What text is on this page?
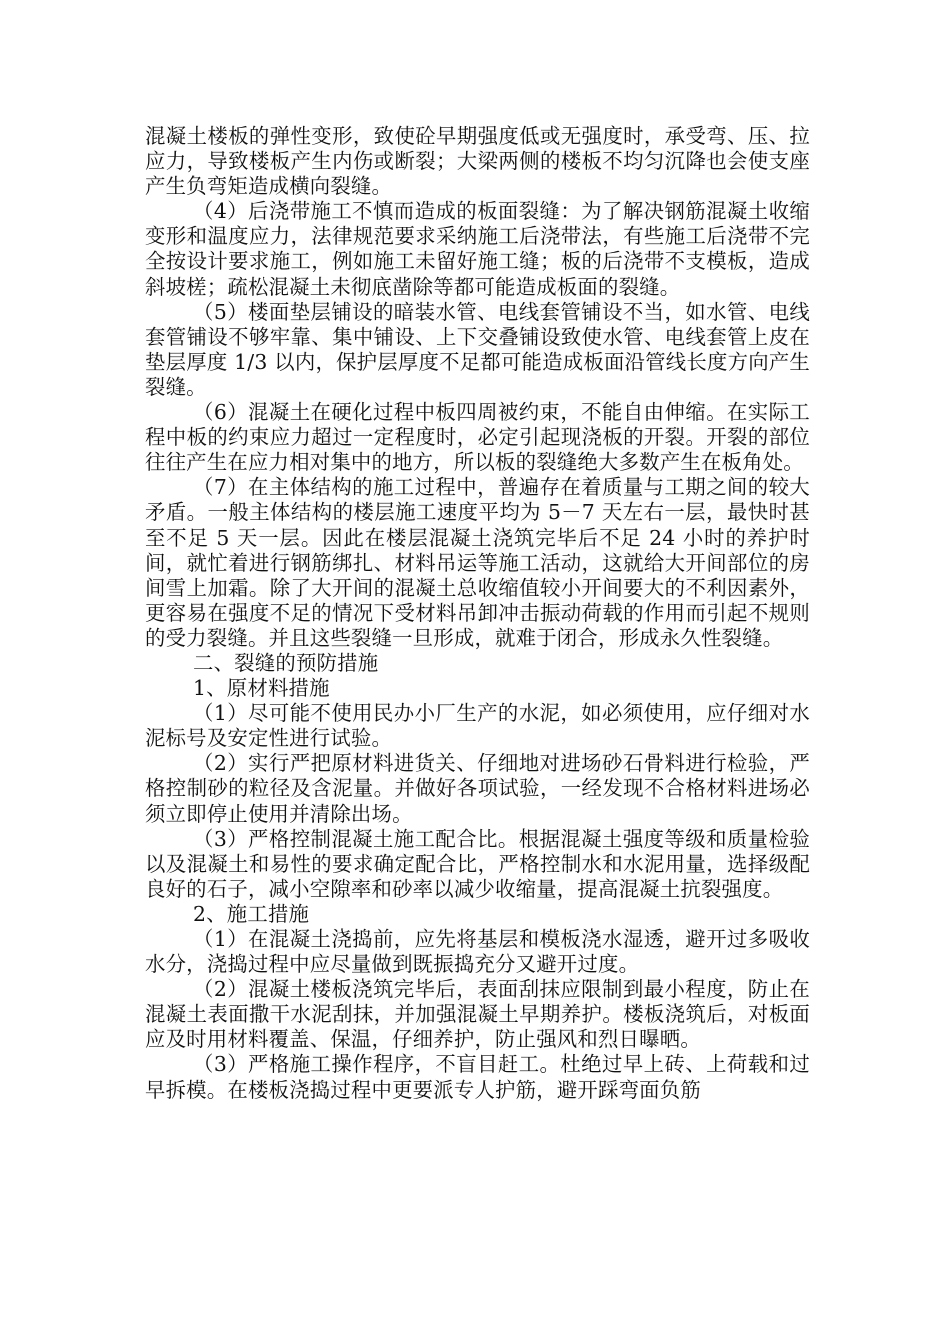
混凝土楼板的弹性变形，致使砼早期强度低或无强度时，承受弯、压、拉应力，导致楼板产生内伤或断裂；大梁两侧的楼板不均匀沉降也会使支座产生负弯矩造成横向裂缝。

（4）后浇带施工不慎而造成的板面裂缝：为了解决钢筋混凝土收缩变形和温度应力，法律规范要求采纳施工后浇带法，有些施工后浇带不完全按设计要求施工，例如施工未留好施工缝；板的后浇带不支模板，造成斜坡槎；疏松混凝土未彻底凿除等都可能造成板面的裂缝。

（5）楼面垫层铺设的暗装水管、电线套管铺设不当，如水管、电线套管铺设不够牢靠、集中铺设、上下交叠铺设致使水管、电线套管上皮在垫层厚度 1/3 以内，保护层厚度不足都可能造成板面沿管线长度方向产生裂缝。

（6）混凝土在硬化过程中板四周被约束，不能自由伸缩。在实际工程中板的约束应力超过一定程度时，必定引起现浇板的开裂。开裂的部位往往产生在应力相对集中的地方，所以板的裂缝绝大多数产生在板角处。

（7）在主体结构的施工过程中，普遍存在着质量与工期之间的较大矛盾。一般主体结构的楼层施工速度平均为 5－7 天左右一层，最快时甚至不足 5 天一层。因此在楼层混凝土浇筑完毕后不足 24 小时的养护时间，就忙着进行钢筋绑扎、材料吊运等施工活动，这就给大开间部位的房间雪上加霜。除了大开间的混凝土总收缩值较小开间要大的不利因素外，更容易在强度不足的情况下受材料吊卸冲击振动荷载的作用而引起不规则的受力裂缝。并且这些裂缝一旦形成，就难于闭合，形成永久性裂缝。

二、裂缝的预防措施

1、原材料措施

（1）尽可能不使用民办小厂生产的水泥，如必须使用，应仔细对水泥标号及安定性进行试验。

（2）实行严把原材料进货关、仔细地对进场砂石骨料进行检验，严格控制砂的粒径及含泥量。并做好各项试验，一经发现不合格材料进场必须立即停止使用并清除出场。

（3）严格控制混凝土施工配合比。根据混凝土强度等级和质量检验以及混凝土和易性的要求确定配合比，严格控制水和水泥用量，选择级配良好的石子，减小空隙率和砂率以减少收缩量，提高混凝土抗裂强度。

2、施工措施

（1）在混凝土浇捣前，应先将基层和模板浇水湿透，避开过多吸收水分，浇捣过程中应尽量做到既振捣充分又避开过度。

（2）混凝土楼板浇筑完毕后，表面刮抹应限制到最小程度，防止在混凝土表面撒干水泥刮抹，并加强混凝土早期养护。楼板浇筑后，对板面应及时用材料覆盖、保温，仔细养护，防止强风和烈日曝晒。

（3）严格施工操作程序，不盲目赶工。杜绝过早上砖、上荷载和过早拆模。在楼板浇捣过程中更要派专人护筋，避开踩弯面负筋
